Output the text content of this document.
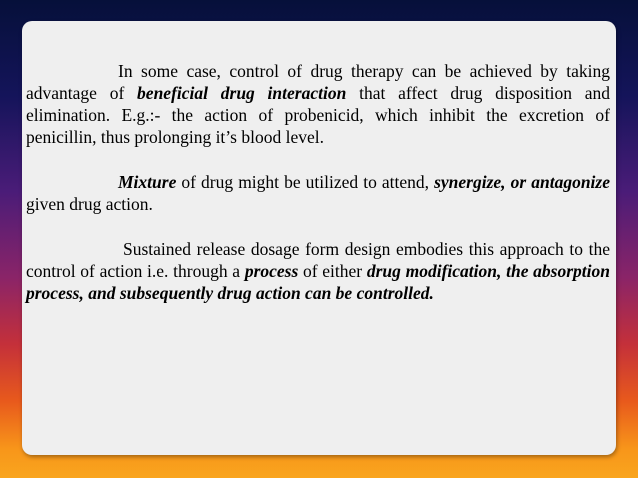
In some case, control of drug therapy can be achieved by taking advantage of beneficial drug interaction that affect drug disposition and elimination. E.g.:- the action of probenicid, which inhibit the excretion of penicillin, thus prolonging it’s blood level.

Mixture of drug might be utilized to attend, synergize, or antagonize given drug action.

Sustained release dosage form design embodies this approach to the control of action i.e. through a process of either drug modification, the absorption process, and subsequently drug action can be controlled.
